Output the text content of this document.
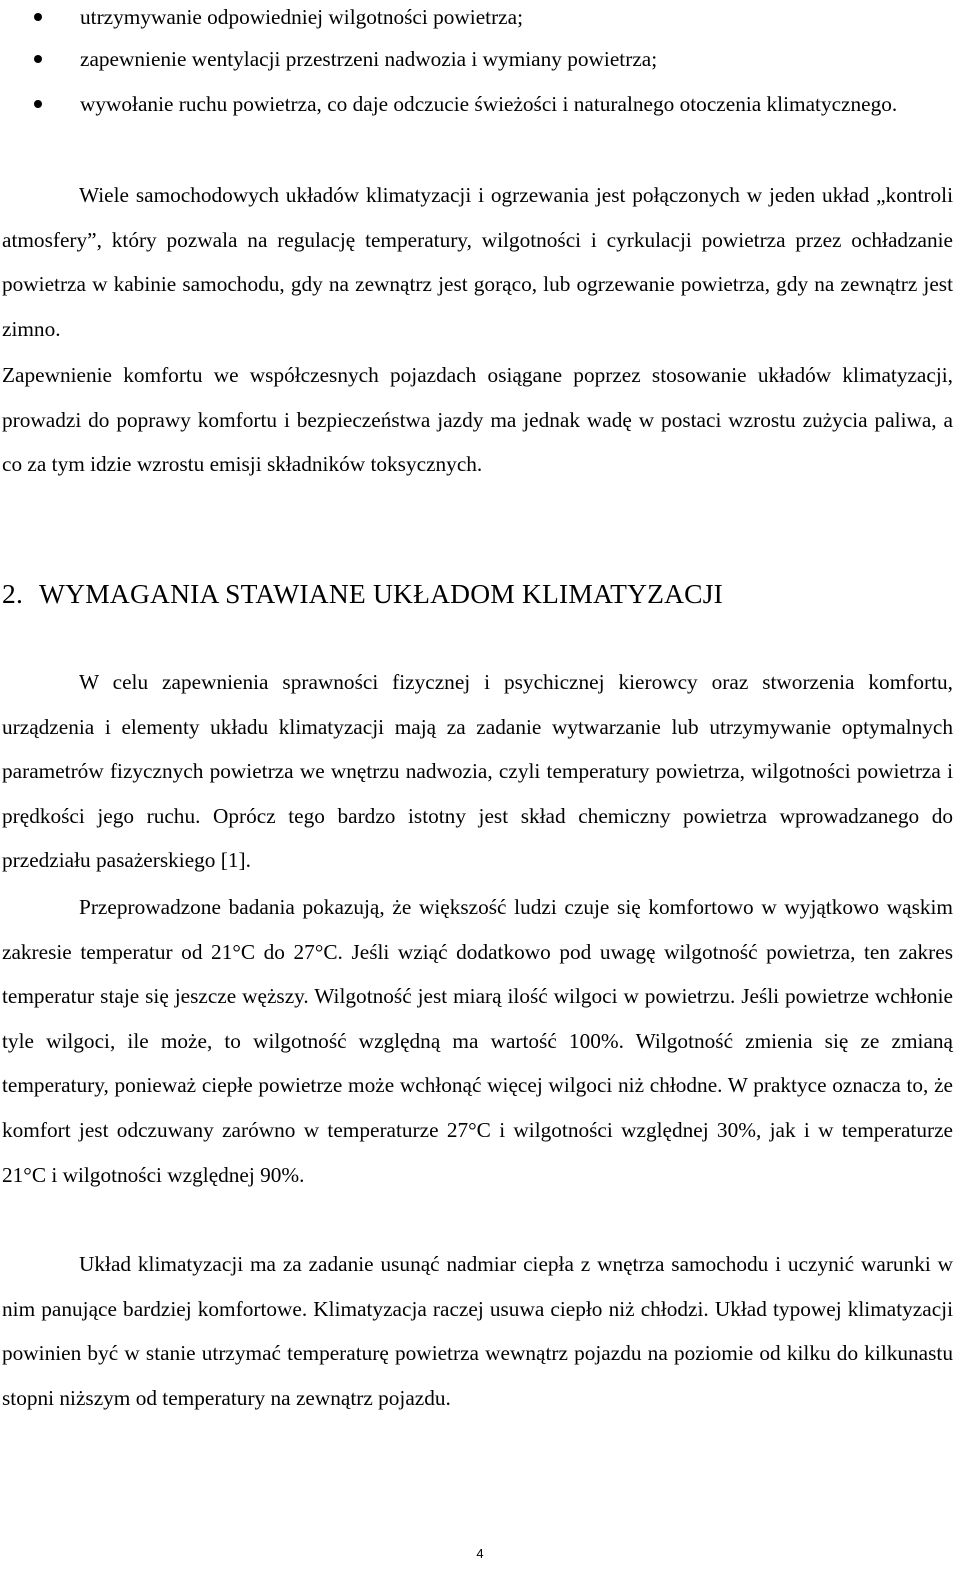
utrzymywanie odpowiedniej wilgotności powietrza;
zapewnienie wentylacji przestrzeni nadwozia i wymiany powietrza;
wywołanie ruchu powietrza, co daje odczucie świeżości i naturalnego otoczenia klimatycznego.

Wiele samochodowych układów klimatyzacji i ogrzewania jest połączonych w jeden układ „kontroli atmosfery”, który pozwala na regulację temperatury, wilgotności i cyrkulacji powietrza przez ochładzanie powietrza w kabinie samochodu, gdy na zewnątrz jest gorąco, lub ogrzewanie powietrza, gdy na zewnątrz jest zimno.

Zapewnienie komfortu we współczesnych pojazdach osiągane poprzez stosowanie układów klimatyzacji, prowadzi do poprawy komfortu i bezpieczeństwa jazdy ma jednak wadę w postaci wzrostu zużycia paliwa, a co za tym idzie wzrostu emisji składników toksycznych.

2. WYMAGANIA STAWIANE UKŁADOM KLIMATYZACJI

W celu zapewnienia sprawności fizycznej i psychicznej kierowcy oraz stworzenia komfortu, urządzenia i elementy układu klimatyzacji mają za zadanie wytwarzanie lub utrzymywanie optymalnych parametrów fizycznych powietrza we wnętrzu nadwozia, czyli temperatury powietrza, wilgotności powietrza i prędkości jego ruchu. Oprócz tego bardzo istotny jest skład chemiczny powietrza wprowadzanego do przedziału pasażerskiego [1].

Przeprowadzone badania pokazują, że większość ludzi czuje się komfortowo w wyjątkowo wąskim zakresie temperatur od 21°C do 27°C. Jeśli wziąć dodatkowo pod uwagę wilgotność powietrza, ten zakres temperatur staje się jeszcze węższy. Wilgotność jest miarą ilość wilgoci w powietrzu. Jeśli powietrze wchłonie tyle wilgoci, ile może, to wilgotność względną ma wartość 100%. Wilgotność zmienia się ze zmianą temperatury, ponieważ ciepłe powietrze może wchłonąć więcej wilgoci niż chłodne. W praktyce oznacza to, że komfort jest odczuwany zarówno w temperaturze 27°C i wilgotności względnej 30%, jak i w temperaturze 21°C i wilgotności względnej 90%.

Układ klimatyzacji ma za zadanie usunąć nadmiar ciepła z wnętrza samochodu i uczynić warunki w nim panujące bardziej komfortowe. Klimatyzacja raczej usuwa ciepło niż chłodzi. Układ typowej klimatyzacji powinien być w stanie utrzymać temperaturę powietrza wewnątrz pojazdu na poziomie od kilku do kilkunastu stopni niższym od temperatury na zewnątrz pojazdu.

4
